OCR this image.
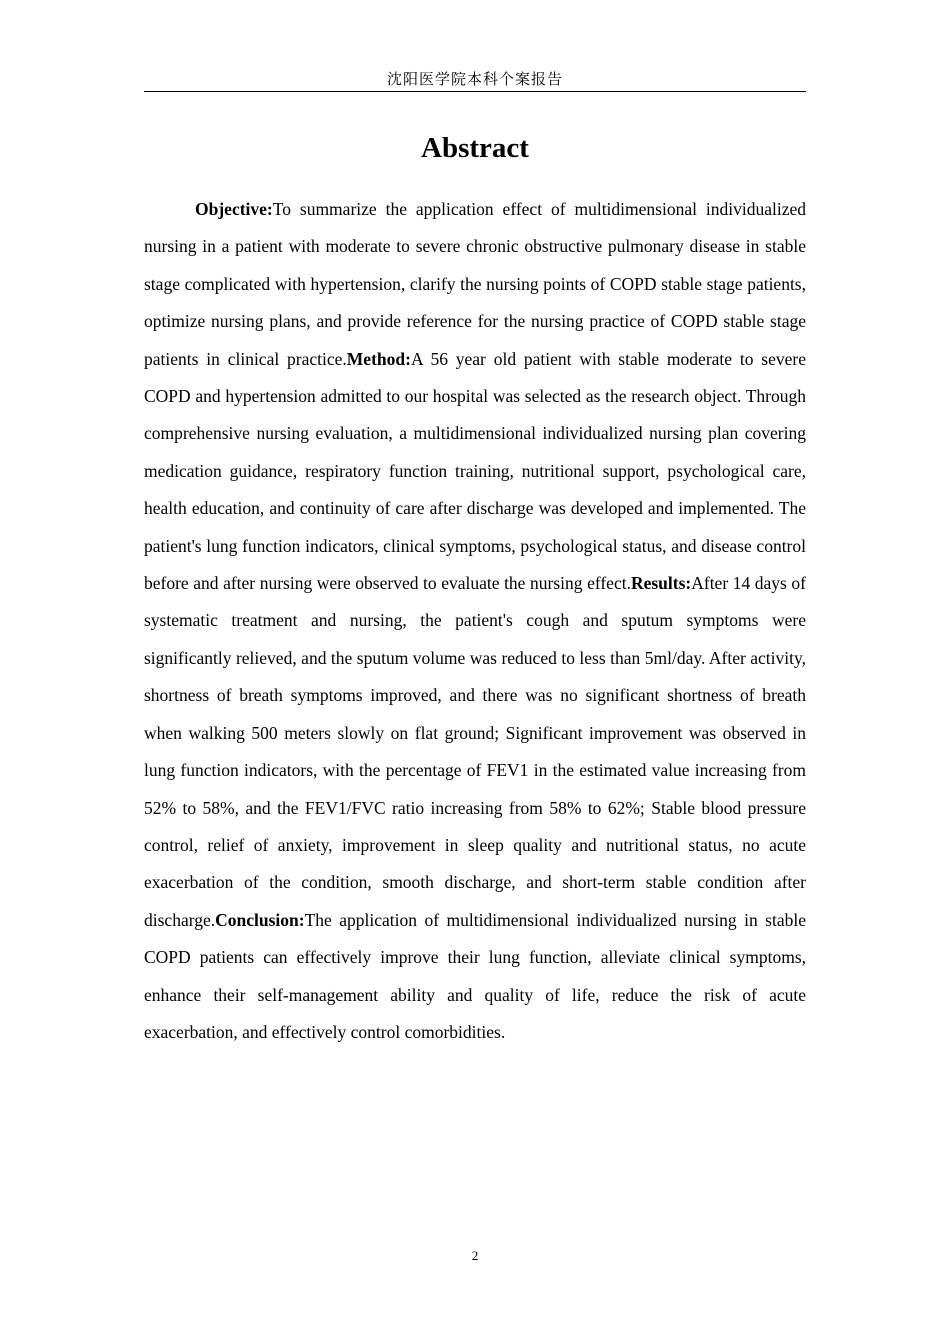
沈阳医学院本科个案报告
Abstract

Objective:To summarize the application effect of multidimensional individualized nursing in a patient with moderate to severe chronic obstructive pulmonary disease in stable stage complicated with hypertension, clarify the nursing points of COPD stable stage patients, optimize nursing plans, and provide reference for the nursing practice of COPD stable stage patients in clinical practice.Method:A 56 year old patient with stable moderate to severe COPD and hypertension admitted to our hospital was selected as the research object. Through comprehensive nursing evaluation, a multidimensional individualized nursing plan covering medication guidance, respiratory function training, nutritional support, psychological care, health education, and continuity of care after discharge was developed and implemented. The patient's lung function indicators, clinical symptoms, psychological status, and disease control before and after nursing were observed to evaluate the nursing effect.Results:After 14 days of systematic treatment and nursing, the patient's cough and sputum symptoms were significantly relieved, and the sputum volume was reduced to less than 5ml/day. After activity, shortness of breath symptoms improved, and there was no significant shortness of breath when walking 500 meters slowly on flat ground; Significant improvement was observed in lung function indicators, with the percentage of FEV1 in the estimated value increasing from 52% to 58%, and the FEV1/FVC ratio increasing from 58% to 62%; Stable blood pressure control, relief of anxiety, improvement in sleep quality and nutritional status, no acute exacerbation of the condition, smooth discharge, and short-term stable condition after discharge.Conclusion:The application of multidimensional individualized nursing in stable COPD patients can effectively improve their lung function, alleviate clinical symptoms, enhance their self-management ability and quality of life, reduce the risk of acute exacerbation, and effectively control comorbidities.

2
